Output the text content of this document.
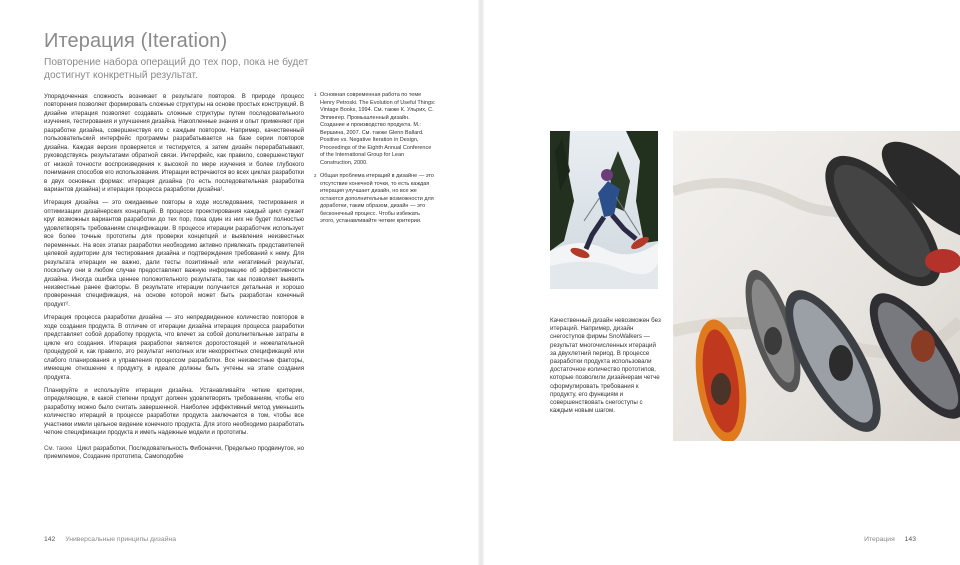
Итерация (Iteration)
Повторение набора операций до тех пор, пока не будет достигнут конкретный результат.

Упорядоченная сложность возникает в результате повторов. В природе процесс повторения позволяет формировать сложные структуры на основе простых конструкций. В дизайне итерация позволяет создавать сложные структуры путем последовательного изучения, тестирования и улучшения дизайна. Накопленные знания и опыт применяют при разработке дизайна, совершенствуя его с каждым повтором. Например, качественный пользовательский интерфейс программы разрабатывается на базе серии повторов дизайна. Каждая версия проверяется и тестируется, а затем дизайн перерабатывают, руководствуясь результатами обратной связи. Интерфейс, как правило, совершенствуют от низкой точности воспроизведения к высокой по мере изучения и более глубокого понимания способов его использования. Итерации встречаются во всех циклах разработки в двух основных формах: итерация дизайна (то есть последовательная разработка вариантов дизайна) и итерация процесса разработки дизайна¹.

Итерация дизайна — это ожидаемые повторы в ходе исследования, тестирования и оптимизации дизайнерских концепций. В процессе проектирования каждый цикл сужает круг возможных вариантов разработки до тех пор, пока один из них не будет полностью удовлетворять требованиям спецификации. В процессе итерации разработчик использует все более точные прототипы для проверки концепций и выявления неизвестных переменных. На всех этапах разработки необходимо активно привлекать представителей целевой аудитории для тестирования дизайна и подтверждения требований к нему. Для результата итерации не важно, дали тесты позитивный или негативный результат, поскольку они в любом случае предоставляют важную информацию об эффективности дизайна. Иногда ошибка ценнее положительного результата, так как позволяет выявить неизвестные ранее факторы. В результате итерации получается детальная и хорошо проверенная спецификация, на основе которой может быть разработан конечный продукт².

Итерация процесса разработки дизайна — это непредвиденное количество повторов в ходе создания продукта. В отличие от итерации дизайна итерация процесса разработки представляет собой доработку продукта, что влечет за собой дополнительные затраты в цикле его создания. Итерация разработки является дорогостоящей и нежелательной процедурой и, как правило, это результат неполных или некорректных спецификаций или слабого планирования и управления процессом разработки. Все неизвестные факторы, имеющие отношение к продукту, в идеале должны быть учтены на этапе создания продукта.

Планируйте и используйте итерации дизайна. Устанавливайте четкие критерии, определяющие, в какой степени продукт должен удовлетворять требованиям, чтобы его разработку можно было считать завершенной. Наиболее эффективный метод уменьшить количество итераций в процессе разработки продукта заключается в том, чтобы все участники имели цельное видение конечного продукта. Для этого необходимо разработать четкие спецификации продукта и иметь надежные модели и прототипы.

См. также Цикл разработки, Последовательность Фибоначчи, Предельно продвинутое, но приемлемое, Создание прототипа, Самоподобие

1 Основная современная работа по теме Henry Petroski. The Evolution of Useful Things: Vintage Books, 1994. См. также К. Ульрих, С. Эппингер. Промышленный дизайн. Создание и производство продукта. М.: Вершина, 2007. См. также Glenn Ballard. Positive vs. Negative Iteration in Design, Proceedings of the Eighth Annual Conference of the International Group for Lean Construction, 2000.
2 Общая проблема итераций в дизайне — это отсутствие конечной точки, то есть каждая итерация улучшает дизайн, но все же остаются дополнительные возможности для доработки, таким образом, дизайн — это бесконечный процесс. Чтобы избежать этого, устанавливайте четкие критерии.
Качественный дизайн невозможен без итераций. Например, дизайн снегоступов фирмы SnoWalkers — результат многочисленных итераций за двухлетний период. В процессе разработки продукта использовали достаточное количество прототипов, которые позволили дизайнерам четче сформулировать требования к продукту, его функциям и совершенствовать снегоступы с каждым новым шагом.
142 Универсальные принципы дизайна	Итерация 143
